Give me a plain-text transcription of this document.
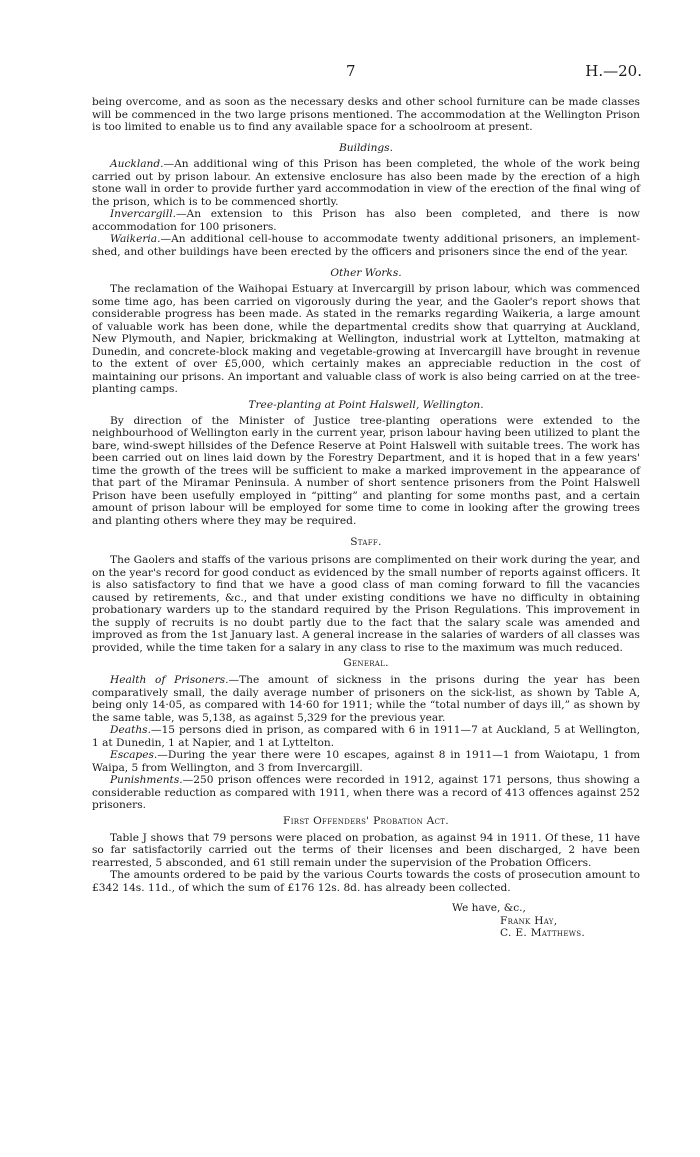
7	H.—20.

being overcome, and as soon as the necessary desks and other school furniture can be made classes will be commenced in the two large prisons mentioned. The accommodation at the Wellington Prison is too limited to enable us to find any available space for a schoolroom at present.

Buildings.

Auckland.—An additional wing of this Prison has been completed, the whole of the work being carried out by prison labour. An extensive enclosure has also been made by the erection of a high stone wall in order to provide further yard accommodation in view of the erection of the final wing of the prison, which is to be commenced shortly.

Invercargill.—An extension to this Prison has also been completed, and there is now accommodation for 100 prisoners.

Waikeria.—An additional cell-house to accommodate twenty additional prisoners, an implement-shed, and other buildings have been erected by the officers and prisoners since the end of the year.

Other Works.

The reclamation of the Waihopai Estuary at Invercargill by prison labour, which was commenced some time ago, has been carried on vigorously during the year, and the Gaoler's report shows that considerable progress has been made. As stated in the remarks regarding Waikeria, a large amount of valuable work has been done, while the departmental credits show that quarrying at Auckland, New Plymouth, and Napier, brickmaking at Wellington, industrial work at Lyttelton, matmaking at Dunedin, and concrete-block making and vegetable-growing at Invercargill have brought in revenue to the extent of over £5,000, which certainly makes an appreciable reduction in the cost of maintaining our prisons. An important and valuable class of work is also being carried on at the tree-planting camps.

Tree-planting at Point Halswell, Wellington.

By direction of the Minister of Justice tree-planting operations were extended to the neighbourhood of Wellington early in the current year, prison labour having been utilized to plant the bare, wind-swept hillsides of the Defence Reserve at Point Halswell with suitable trees. The work has been carried out on lines laid down by the Forestry Department, and it is hoped that in a few years' time the growth of the trees will be sufficient to make a marked improvement in the appearance of that part of the Miramar Peninsula. A number of short sentence prisoners from the Point Halswell Prison have been usefully employed in “pitting” and planting for some months past, and a certain amount of prison labour will be employed for some time to come in looking after the growing trees and planting others where they may be required.

Staff.

The Gaolers and staffs of the various prisons are complimented on their work during the year, and on the year's record for good conduct as evidenced by the small number of reports against officers. It is also satisfactory to find that we have a good class of man coming forward to fill the vacancies caused by retirements, &c., and that under existing conditions we have no difficulty in obtaining probationary warders up to the standard required by the Prison Regulations. This improvement in the supply of recruits is no doubt partly due to the fact that the salary scale was amended and improved as from the 1st January last. A general increase in the salaries of warders of all classes was provided, while the time taken for a salary in any class to rise to the maximum was much reduced.

General.

Health of Prisoners.—The amount of sickness in the prisons during the year has been comparatively small, the daily average number of prisoners on the sick-list, as shown by Table A, being only 14·05, as compared with 14·60 for 1911; while the “total number of days ill,” as shown by the same table, was 5,138, as against 5,329 for the previous year.

Deaths.—15 persons died in prison, as compared with 6 in 1911—7 at Auckland, 5 at Wellington, 1 at Dunedin, 1 at Napier, and 1 at Lyttelton.

Escapes.—During the year there were 10 escapes, against 8 in 1911—1 from Waiotapu, 1 from Waipa, 5 from Wellington, and 3 from Invercargill.

Punishments.—250 prison offences were recorded in 1912, against 171 persons, thus showing a considerable reduction as compared with 1911, when there was a record of 413 offences against 252 prisoners.

First Offenders' Probation Act.

Table J shows that 79 persons were placed on probation, as against 94 in 1911. Of these, 11 have so far satisfactorily carried out the terms of their licenses and been discharged, 2 have been rearrested, 5 absconded, and 61 still remain under the supervision of the Probation Officers.

The amounts ordered to be paid by the various Courts towards the costs of prosecution amount to £342 14s. 11d., of which the sum of £176 12s. 8d. has already been collected.

We have, &c.,
Frank Hay,
C. E. Matthews.
